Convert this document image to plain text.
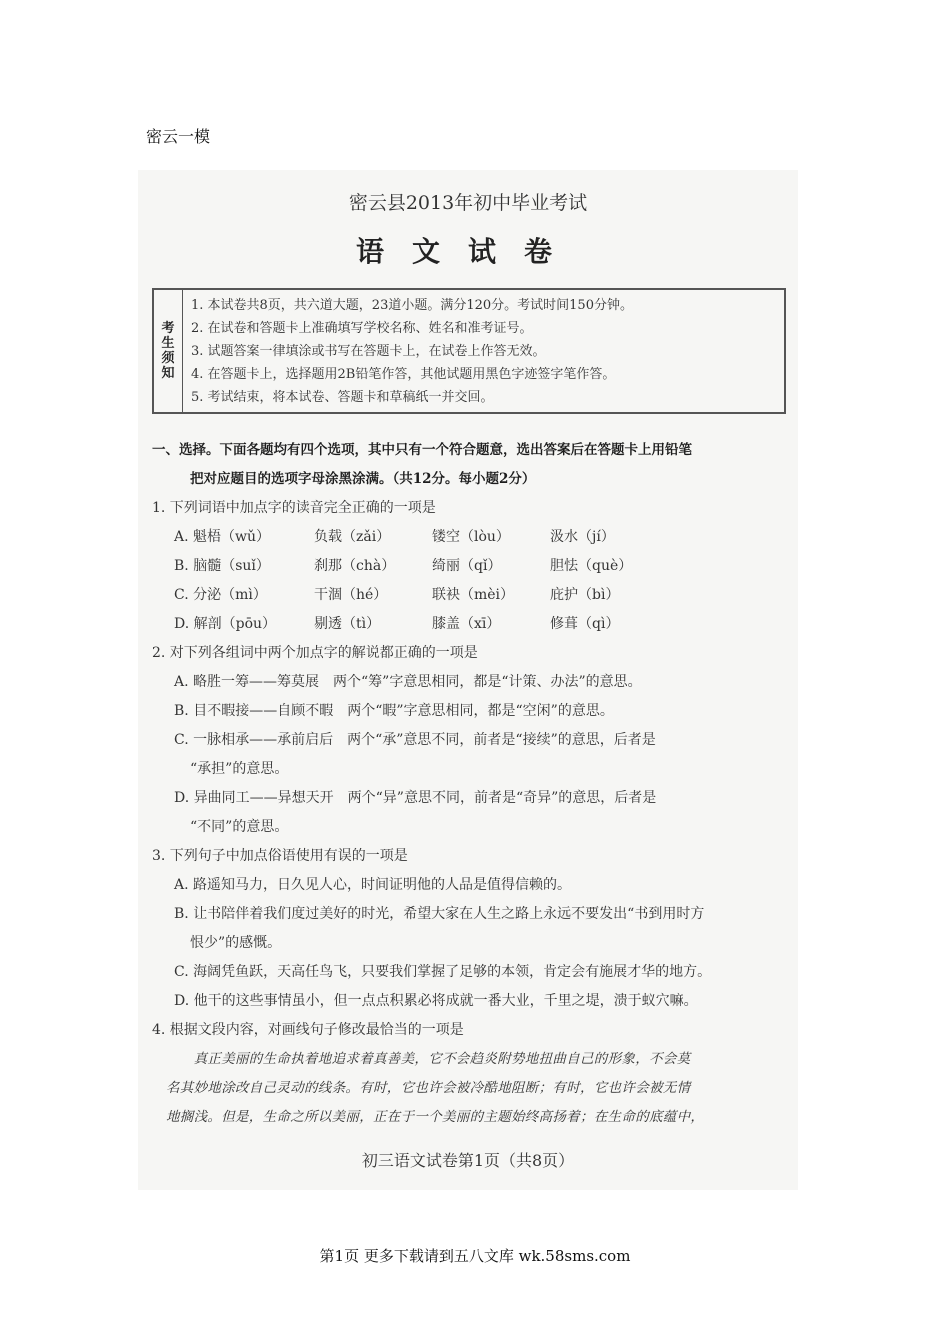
密云一模
密云县2013年初中毕业考试
语文试卷
考
生
须
知
1. 本试卷共8页，共六道大题，23道小题。满分120分。考试时间150分钟。
2. 在试卷和答题卡上准确填写学校名称、姓名和准考证号。
3. 试题答案一律填涂或书写在答题卡上，在试卷上作答无效。
4. 在答题卡上，选择题用2B铅笔作答，其他试题用黑色字迹签字笔作答。
5. 考试结束，将本试卷、答题卡和草稿纸一并交回。
一、选择。下面各题均有四个选项，其中只有一个符合题意，选出答案后在答题卡上用铅笔
把对应题目的选项字母涂黑涂满。（共12分。每小题2分）
1. 下列词语中加点字的读音完全正确的一项是
A. 魁梧（wǔ）	负载（zǎi）	镂空（lòu）	汲水（jí）
B. 脑髓（suǐ）	刹那（chà）	绮丽（qǐ）	胆怯（què）
C. 分泌（mì）	干涸（hé）	联袂（mèi）	庇护（bì）
D. 解剖（pōu）	剔透（tì）	膝盖（xī）	修葺（qì）
2. 对下列各组词中两个加点字的解说都正确的一项是
A. 略胜一筹——筹莫展　两个“筹”字意思相同，都是“计策、办法”的意思。
B. 目不暇接——自顾不暇　两个“暇”字意思相同，都是“空闲”的意思。
C. 一脉相承——承前启后　两个“承”意思不同，前者是“接续”的意思，后者是
“承担”的意思。
D. 异曲同工——异想天开　两个“异”意思不同，前者是“奇异”的意思，后者是
“不同”的意思。
3. 下列句子中加点俗语使用有误的一项是
A. 路遥知马力，日久见人心，时间证明他的人品是值得信赖的。
B. 让书陪伴着我们度过美好的时光，希望大家在人生之路上永远不要发出“书到用时方
恨少”的感慨。
C. 海阔凭鱼跃，天高任鸟飞，只要我们掌握了足够的本领，肯定会有施展才华的地方。
D. 他干的这些事情虽小，但一点点积累必将成就一番大业，千里之堤，溃于蚁穴嘛。
4. 根据文段内容，对画线句子修改最恰当的一项是
　　真正美丽的生命执着地追求着真善美，它不会趋炎附势地扭曲自己的形象，不会莫
名其妙地涂改自己灵动的线条。有时，它也许会被冷酷地阻断；有时，它也许会被无情
地搁浅。但是，生命之所以美丽，正在于一个美丽的主题始终高扬着；在生命的底蕴中，
初三语文试卷第1页（共8页）
第1页 更多下载请到五八文库 wk.58sms.com
